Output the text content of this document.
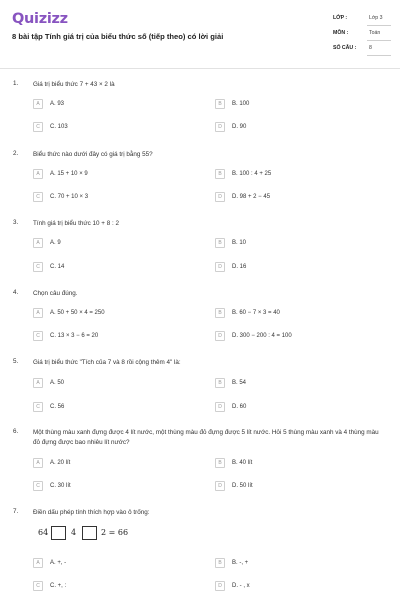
Quizizz
8 bài tập Tính giá trị của biểu thức số (tiếp theo) có lời giải
LỚP :	Lớp 3
MÔN :	Toán
SỐ CÂU : 8
1. Giá trị biểu thức 7 + 43 × 2 là
A	A. 93	B	B. 100
C	C. 103	D	D. 90
2. Biểu thức nào dưới đây có giá trị bằng 55?
A	A. 15 + 10 × 9	B	B. 100 : 4 + 25
C	C. 70 + 10 × 3	D	D. 98 + 2 − 45
3. Tính giá trị biểu thức 10 + 8 : 2
A	A. 9	B	B. 10
C	C. 14	D	D. 16
4. Chọn câu đúng.
A	A. 50 + 50 × 4 = 250	B	B. 60 − 7 × 3 = 40
C	C. 13 × 3 − 6 = 20	D	D. 300 − 200 : 4 = 100
5. Giá trị biểu thức "Tích của 7 và 8 rồi cộng thêm 4" là:
A	A. 50	B	B. 54
C	C. 56	D	D. 60
6. Một thùng màu xanh đựng được 4 lít nước, một thùng màu đỏ đựng được 5 lít nước. Hỏi 5 thùng màu xanh và 4 thùng màu đỏ đựng được bao nhiêu lít nước?
A	A. 20 lít	B	B. 40 lít
C	C. 30 lít	D	D. 50 lít
7. Điền dấu phép tính thích hợp vào ô trống:
64	4	2 = 66
A	A. +, -	B	B. -, +
C	C. +, :	D	D. - , x
